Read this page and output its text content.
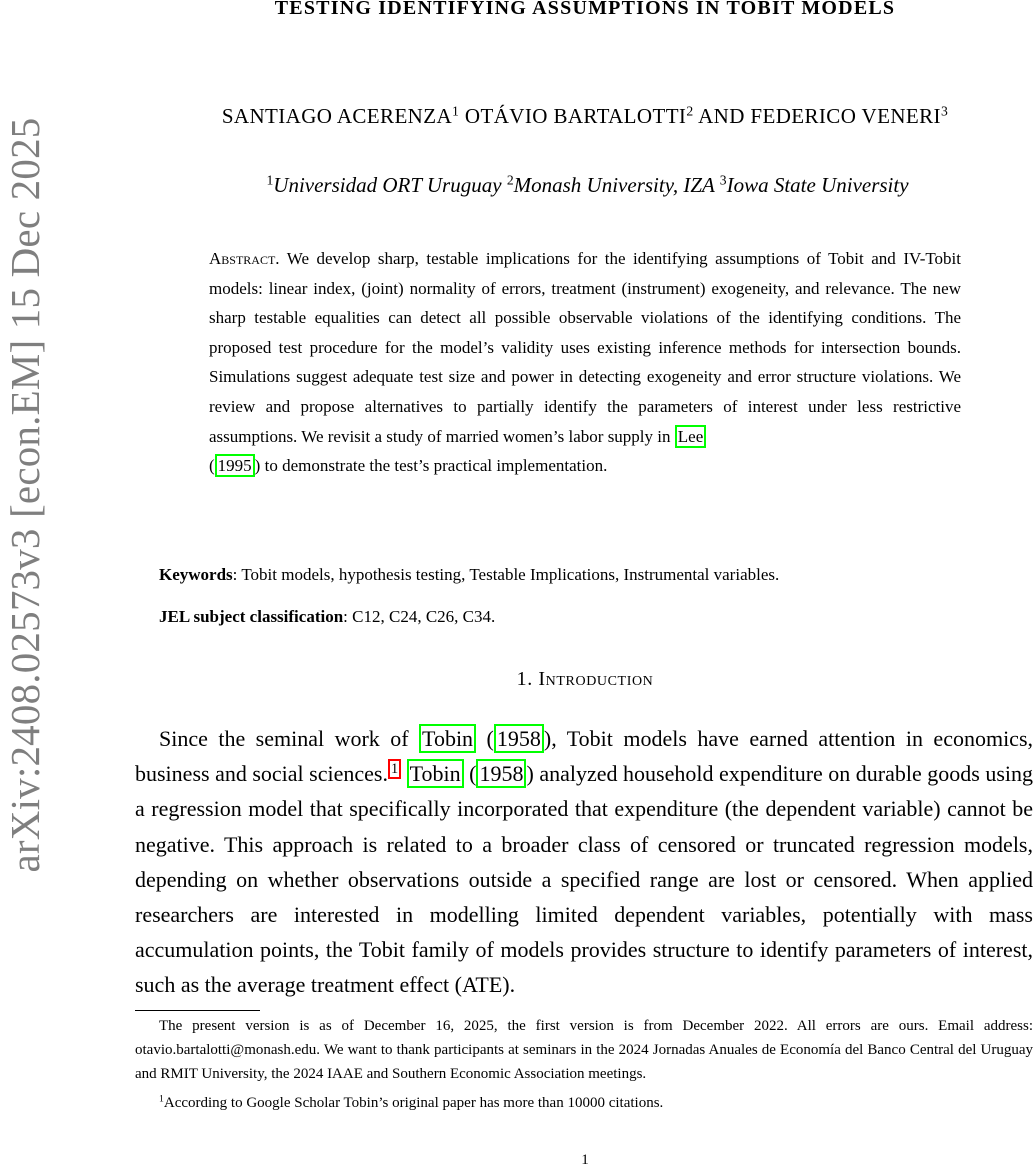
arXiv:2408.02573v3 [econ.EM] 15 Dec 2025
TESTING IDENTIFYING ASSUMPTIONS IN TOBIT MODELS
SANTIAGO ACERENZA$^1$ OTÁVIO BARTALOTTI$^2$ AND FEDERICO VENERI$^3$
$^1$Universidad ORT Uruguay $^2$Monash University, IZA $^3$Iowa State University
Abstract. We develop sharp, testable implications for the identifying assumptions of Tobit and IV-Tobit models: linear index, (joint) normality of errors, treatment (instrument) exogeneity, and relevance. The new sharp testable equalities can detect all possible observable violations of the identifying conditions. The proposed test procedure for the model’s validity uses existing inference methods for intersection bounds. Simulations suggest adequate test size and power in detecting exogeneity and error structure violations. We review and propose alternatives to partially identify the parameters of interest under less restrictive assumptions. We revisit a study of married women’s labor supply in Lee
( 1995 ) to demonstrate the test’s practical implementation.
Keywords: Tobit models, hypothesis testing, Testable Implications, Instrumental variables.
JEL subject classification: C12, C24, C26, C34.
1. Introduction
Since the seminal work of Tobin ( 1958 ), Tobit models have earned attention in economics, business and social sciences. $^1$ Tobin ( 1958 ) analyzed household expenditure on durable goods using a regression model that specifically incorporated that expenditure (the dependent variable) cannot be negative. This approach is related to a broader class of censored or truncated regression models, depending on whether observations outside a specified range are lost or censored. When applied researchers are interested in modelling limited dependent variables, potentially with mass accumulation points, the Tobit family of models provides structure to identify parameters of interest, such as the average treatment effect (ATE).

The present version is as of December 16, 2025, the first version is from December 2022. All errors are ours. Email address: otavio.bartalotti@monash.edu. We want to thank participants at seminars in the 2024 Jornadas Anuales de Economía del Banco Central del Uruguay and RMIT University, the 2024 IAAE and Southern Economic Association meetings.

$^1$According to Google Scholar Tobin’s original paper has more than 10000 citations.

1
